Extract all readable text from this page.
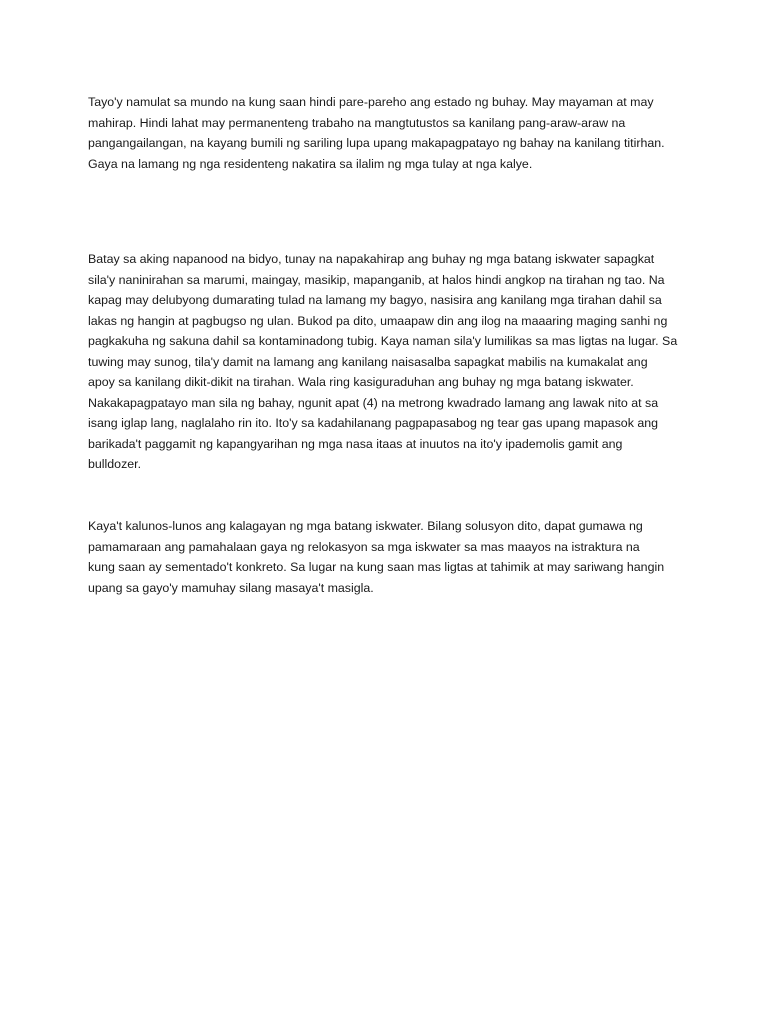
Tayo'y namulat sa mundo na kung saan hindi pare-pareho ang estado ng buhay. May mayaman at may
mahirap. Hindi lahat may permanenteng trabaho na mangtutustos sa kanilang pang-araw-araw na
pangangailangan, na kayang bumili ng sariling lupa upang makapagpatayo ng bahay na kanilang titirhan.
Gaya na lamang ng nga residenteng nakatira sa ilalim ng mga tulay at nga kalye.

Batay sa aking napanood na bidyo, tunay na napakahirap ang buhay ng mga batang iskwater sapagkat
sila'y naninirahan sa marumi, maingay, masikip, mapanganib, at halos hindi angkop na tirahan ng tao. Na
kapag may delubyong dumarating tulad na lamang my bagyo, nasisira ang kanilang mga tirahan dahil sa
lakas ng hangin at pagbugso ng ulan. Bukod pa dito, umaapaw din ang ilog na maaaring maging sanhi ng
pagkakuha ng sakuna dahil sa kontaminadong tubig. Kaya naman sila'y lumilikas sa mas ligtas na lugar. Sa
tuwing may sunog, tila'y damit na lamang ang kanilang naisasalba sapagkat mabilis na kumakalat ang
apoy sa kanilang dikit-dikit na tirahan. Wala ring kasiguraduhan ang buhay ng mga batang iskwater.
Nakakapagpatayo man sila ng bahay, ngunit apat (4) na metrong kwadrado lamang ang lawak nito at sa
isang iglap lang, naglalaho rin ito. Ito'y sa kadahilanang pagpapasabog ng tear gas upang mapasok ang
barikada't paggamit ng kapangyarihan ng mga nasa itaas at inuutos na ito'y ipademolis gamit ang
bulldozer.

Kaya't kalunos-lunos ang kalagayan ng mga batang iskwater. Bilang solusyon dito, dapat gumawa ng
pamamaraan ang pamahalaan gaya ng relokasyon sa mga iskwater sa mas maayos na istraktura na
kung saan ay sementado't konkreto. Sa lugar na kung saan mas ligtas at tahimik at may sariwang hangin
upang sa gayo'y mamuhay silang masaya't masigla.
